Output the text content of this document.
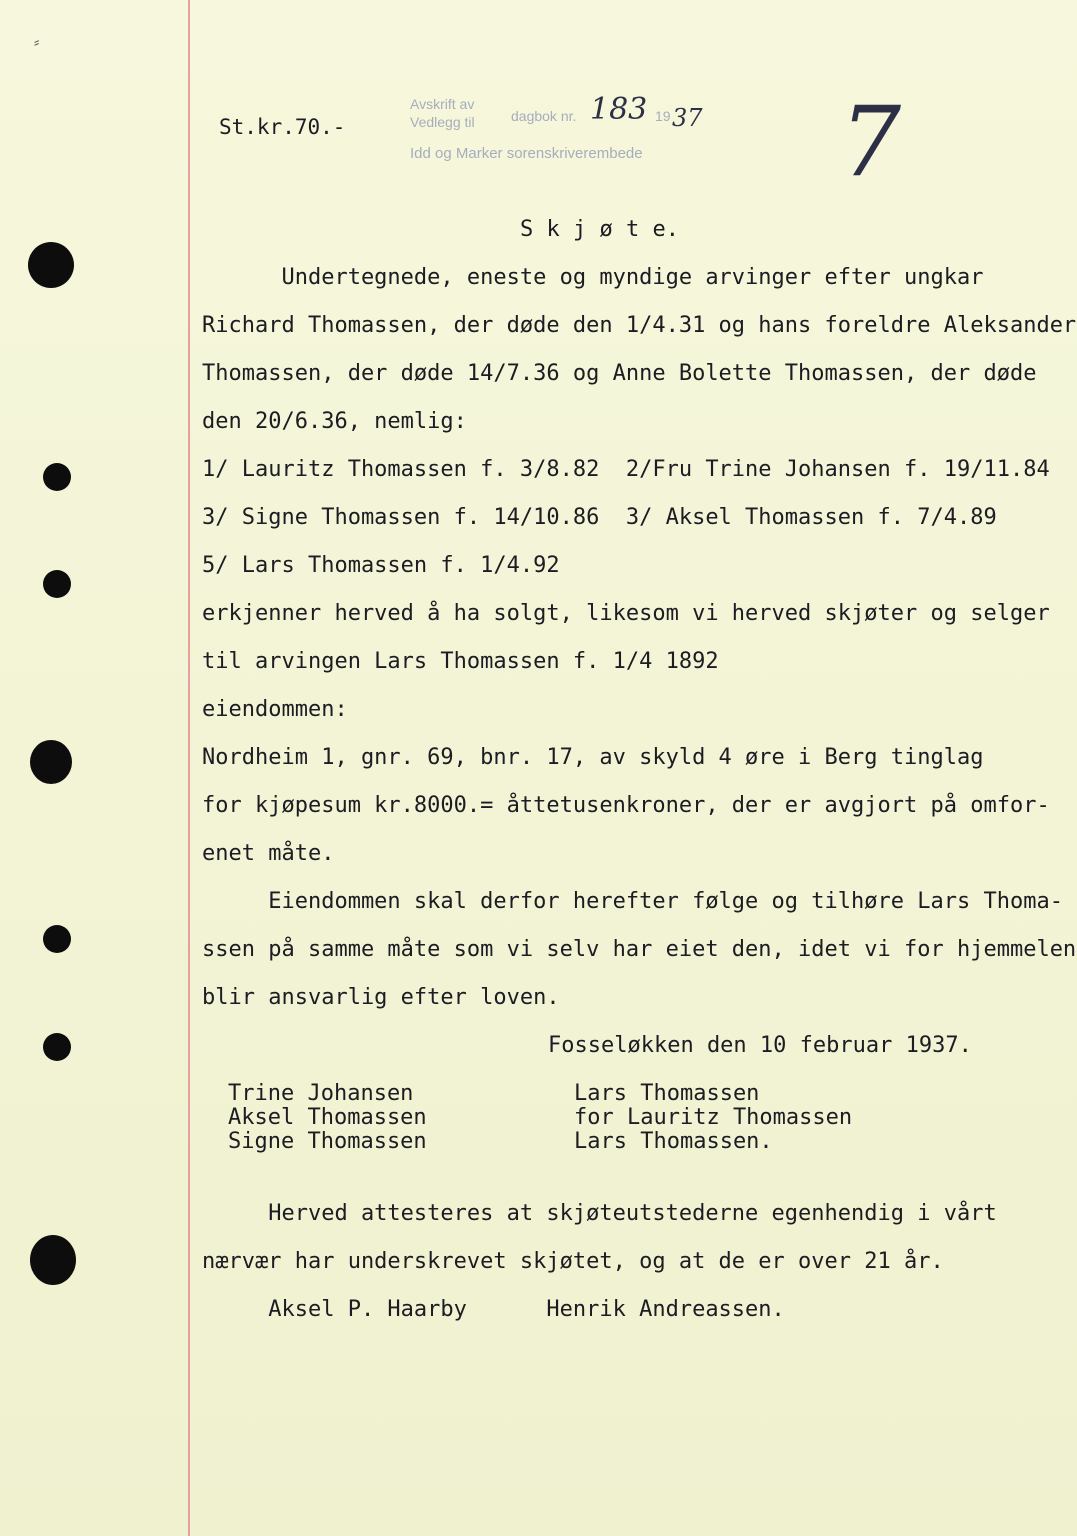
⸗
St.kr.70.-
Avskrift av
Vedlegg til	dagbok nr.	19
Idd og Marker sorenskriverembede
183 37 7
S k j ø t e.
Undertegnede, eneste og myndige arvinger efter ungkar
Richard Thomassen, der døde den 1/4.31 og hans foreldre Aleksander
Thomassen, der døde 14/7.36 og Anne Bolette Thomassen, der døde
den 20/6.36, nemlig:
1/ Lauritz Thomassen f. 3/8.82  2/Fru Trine Johansen f. 19/11.84
3/ Signe Thomassen f. 14/10.86  3/ Aksel Thomassen f. 7/4.89
5/ Lars Thomassen f. 1/4.92
erkjenner herved å ha solgt, likesom vi herved skjøter og selger
til arvingen Lars Thomassen f. 1/4 1892
eiendommen:
Nordheim 1, gnr. 69, bnr. 17, av skyld 4 øre i Berg tinglag
for kjøpesum kr.8000.= åttetusenkroner, der er avgjort på omfor-
enet måte.
Eiendommen skal derfor herefter følge og tilhøre Lars Thoma-
ssen på samme måte som vi selv har eiet den, idet vi for hjemmelen
blir ansvarlig efter loven.
Fosseløkken den 10 februar 1937.
Trine Johansen
Aksel Thomassen
Signe Thomassen
Lars Thomassen
for Lauritz Thomassen
Lars Thomassen.
Herved attesteres at skjøteutstederne egenhendig i vårt
nærvær har underskrevet skjøtet, og at de er over 21 år.
Aksel P. Haarby      Henrik Andreassen.
